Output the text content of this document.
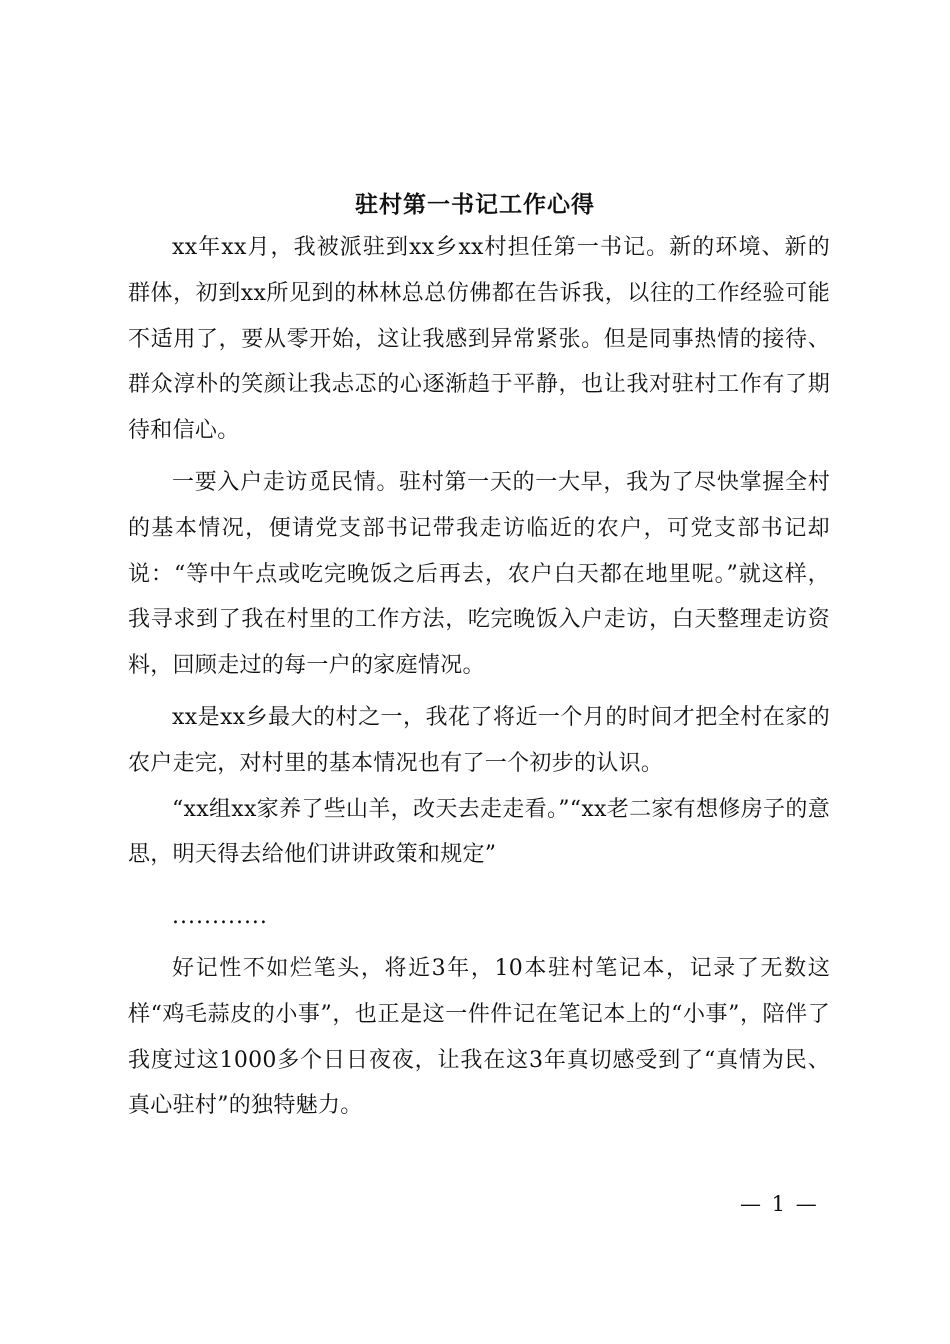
驻村第一书记工作心得

xx年xx月，我被派驻到xx乡xx村担任第一书记。新的环境、新的群体，初到xx所见到的林林总总仿佛都在告诉我，以往的工作经验可能不适用了，要从零开始，这让我感到异常紧张。但是同事热情的接待、群众淳朴的笑颜让我忐忑的心逐渐趋于平静，也让我对驻村工作有了期待和信心。

一要入户走访觅民情。驻村第一天的一大早，我为了尽快掌握全村的基本情况，便请党支部书记带我走访临近的农户，可党支部书记却说：“等中午点或吃完晚饭之后再去，农户白天都在地里呢。”就这样，我寻求到了我在村里的工作方法，吃完晚饭入户走访，白天整理走访资料，回顾走过的每一户的家庭情况。

xx是xx乡最大的村之一，我花了将近一个月的时间才把全村在家的农户走完，对村里的基本情况也有了一个初步的认识。

“xx组xx家养了些山羊，改天去走走看。”“xx老二家有想修房子的意思，明天得去给他们讲讲政策和规定”

............

好记性不如烂笔头，将近3年，10本驻村笔记本，记录了无数这样“鸡毛蒜皮的小事”，也正是这一件件记在笔记本上的“小事”，陪伴了我度过这1000多个日日夜夜，让我在这3年真切感受到了“真情为民、真心驻村”的独特魅力。

— 1 —
